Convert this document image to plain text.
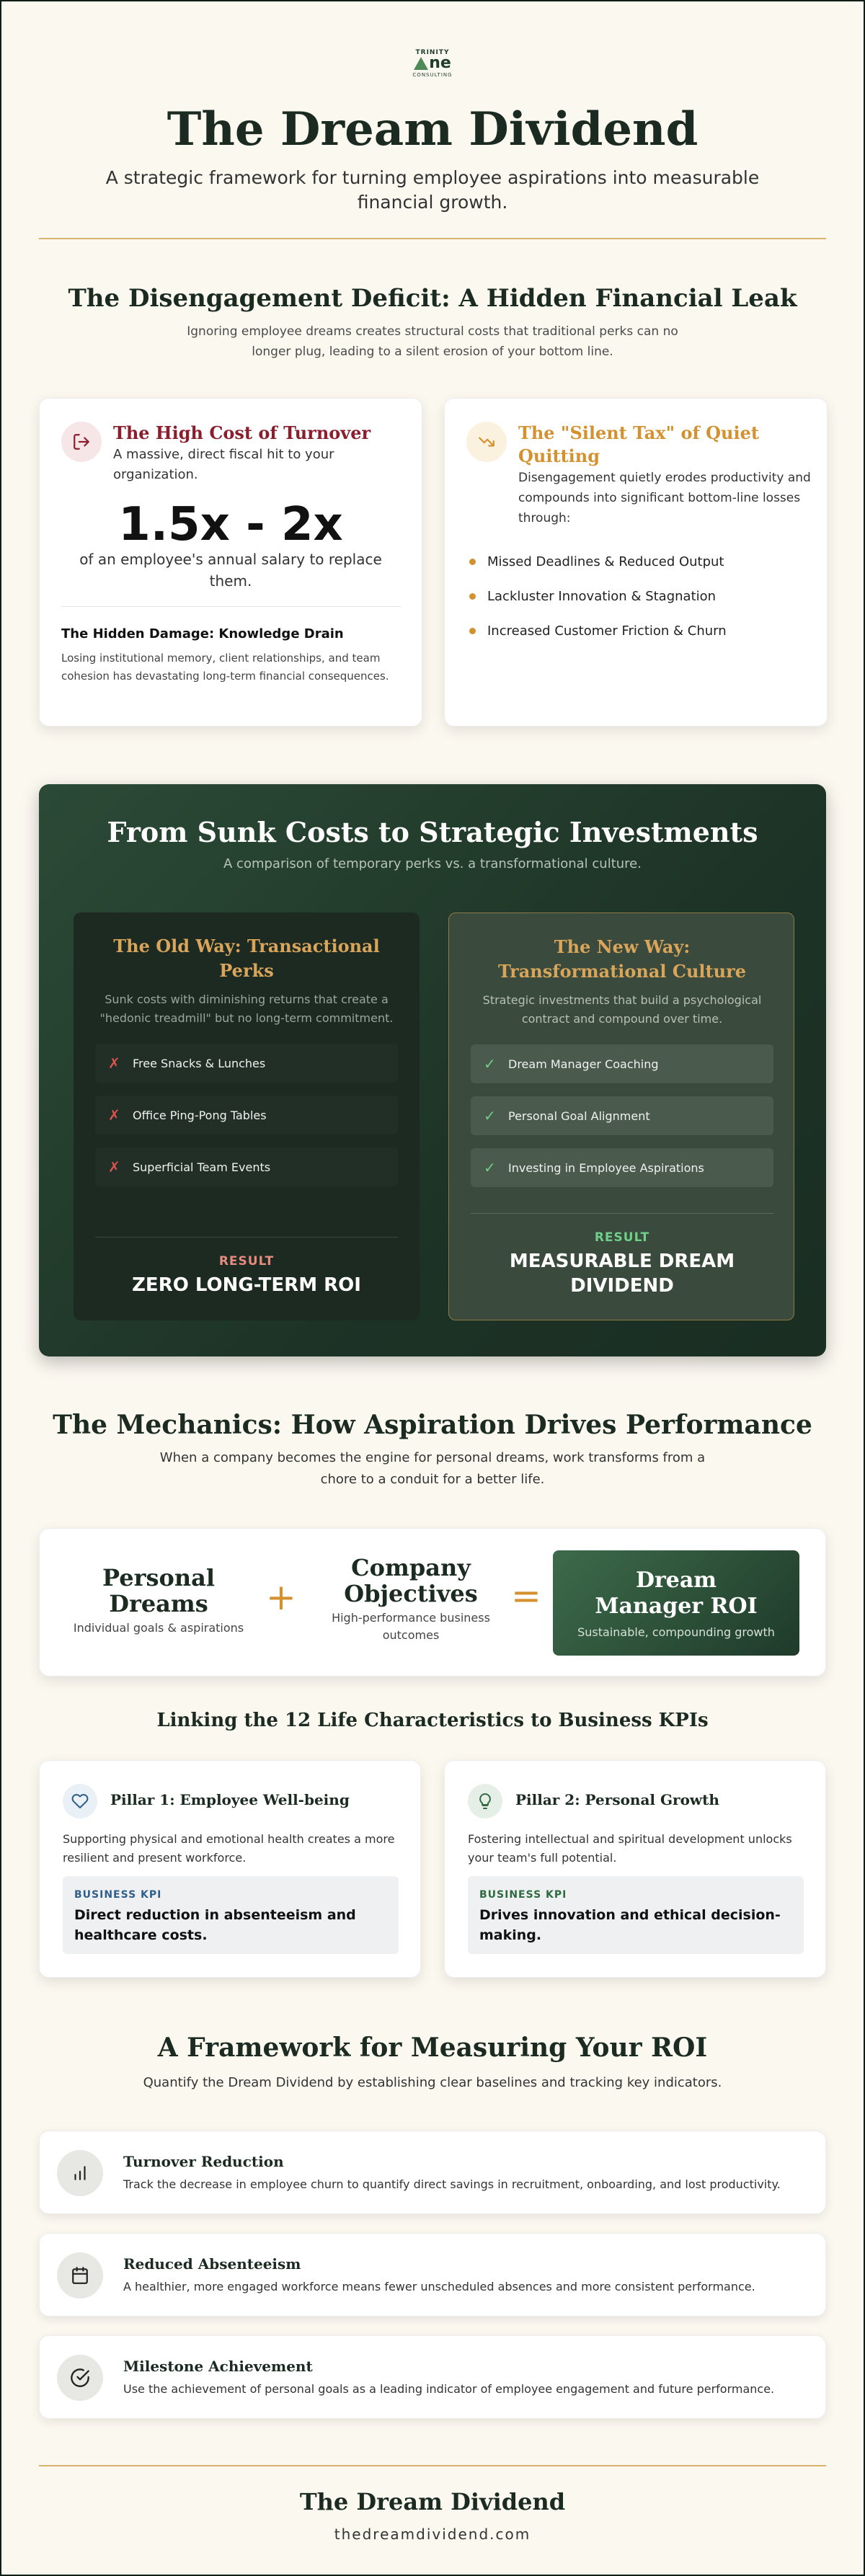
TRINITY
ne
CONSULTING
The Dream Dividend

A strategic framework for turning employee aspirations into measurable financial growth.

The Disengagement Deficit: A Hidden Financial Leak

Ignoring employee dreams creates structural costs that traditional perks can no longer plug, leading to a silent erosion of your bottom line.

The High Cost of Turnover
A massive, direct fiscal hit to your organization.
1.5x - 2x
of an employee's annual salary to replace them.
The Hidden Damage: Knowledge Drain
Losing institutional memory, client relationships, and team cohesion has devastating long-term financial consequences.
The "Silent Tax" of Quiet Quitting
Disengagement quietly erodes productivity and compounds into significant bottom-line losses through:
Missed Deadlines & Reduced Output
Lackluster Innovation & Stagnation
Increased Customer Friction & Churn
From Sunk Costs to Strategic Investments

A comparison of temporary perks vs. a transformational culture.

The Old Way: Transactional Perks
Sunk costs with diminishing returns that create a "hedonic treadmill" but no long-term commitment.
✗ Free Snacks & Lunches
✗ Office Ping-Pong Tables
✗ Superficial Team Events
RESULT
ZERO LONG-TERM ROI
The New Way: Transformational Culture
Strategic investments that build a psychological contract and compound over time.
✓ Dream Manager Coaching
✓ Personal Goal Alignment
✓ Investing in Employee Aspirations
RESULT
MEASURABLE DREAM DIVIDEND
The Mechanics: How Aspiration Drives Performance

When a company becomes the engine for personal dreams, work transforms from a chore to a conduit for a better life.

Personal Dreams
Individual goals & aspirations
+
Company Objectives
High-performance business outcomes
=	Dream Manager ROI
Sustainable, compounding growth
Linking the 12 Life Characteristics to Business KPIs
Pillar 1: Employee Well-being
Supporting physical and emotional health creates a more resilient and present workforce.
BUSINESS KPI
Direct reduction in absenteeism and healthcare costs.
Pillar 2: Personal Growth
Fostering intellectual and spiritual development unlocks your team's full potential.
BUSINESS KPI
Drives innovation and ethical decision-making.
A Framework for Measuring Your ROI

Quantify the Dream Dividend by establishing clear baselines and tracking key indicators.

Turnover Reduction
Track the decrease in employee churn to quantify direct savings in recruitment, onboarding, and lost productivity.
Reduced Absenteeism
A healthier, more engaged workforce means fewer unscheduled absences and more consistent performance.
Milestone Achievement
Use the achievement of personal goals as a leading indicator of employee engagement and future performance.
The Dream Dividend
thedreamdividend.com
